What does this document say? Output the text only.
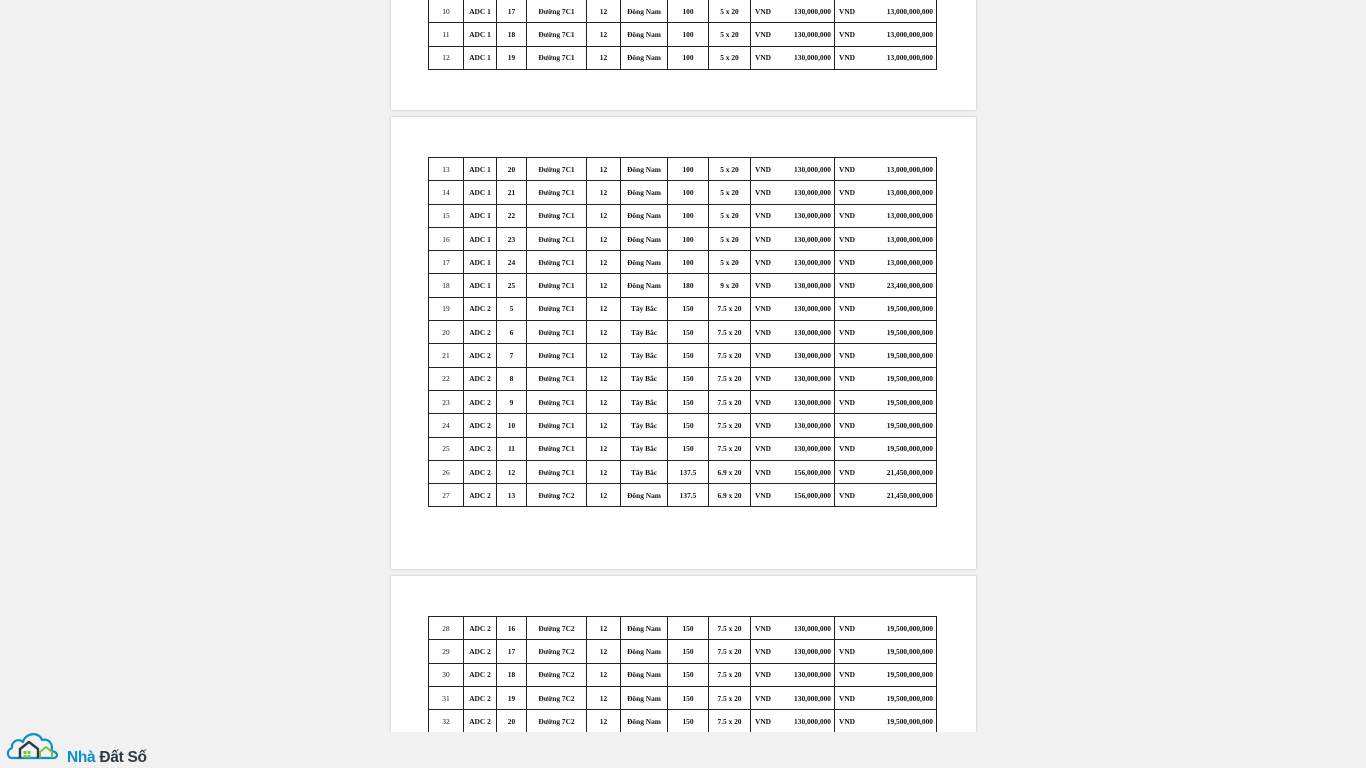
10	ADC 1	17	Đường 7C1	12	Đông Nam	100	5 x 20	VND 130,000,000	VND 13,000,000,000

11	ADC 1	18	Đường 7C1	12	Đông Nam	100	5 x 20	VND 130,000,000	VND 13,000,000,000

12	ADC 1	19	Đường 7C1	12	Đông Nam	100	5 x 20	VND 130,000,000	VND 13,000,000,000
13	ADC 1	20	Đường 7C1	12	Đông Nam	100	5 x 20	VND 130,000,000	VND 13,000,000,000

14	ADC 1	21	Đường 7C1	12	Đông Nam	100	5 x 20	VND 130,000,000	VND 13,000,000,000

15	ADC 1	22	Đường 7C1	12	Đông Nam	100	5 x 20	VND 130,000,000	VND 13,000,000,000

16	ADC 1	23	Đường 7C1	12	Đông Nam	100	5 x 20	VND 130,000,000	VND 13,000,000,000

17	ADC 1	24	Đường 7C1	12	Đông Nam	100	5 x 20	VND 130,000,000	VND 13,000,000,000

18	ADC 1	25	Đường 7C1	12	Đông Nam	180	9 x 20	VND 130,000,000	VND 23,400,000,000

19	ADC 2	5	Đường 7C1	12	Tây Bắc	150	7.5 x 20	VND 130,000,000	VND 19,500,000,000

20	ADC 2	6	Đường 7C1	12	Tây Bắc	150	7.5 x 20	VND 130,000,000	VND 19,500,000,000

21	ADC 2	7	Đường 7C1	12	Tây Bắc	150	7.5 x 20	VND 130,000,000	VND 19,500,000,000

22	ADC 2	8	Đường 7C1	12	Tây Bắc	150	7.5 x 20	VND 130,000,000	VND 19,500,000,000

23	ADC 2	9	Đường 7C1	12	Tây Bắc	150	7.5 x 20	VND 130,000,000	VND 19,500,000,000

24	ADC 2	10	Đường 7C1	12	Tây Bắc	150	7.5 x 20	VND 130,000,000	VND 19,500,000,000

25	ADC 2	11	Đường 7C1	12	Tây Bắc	150	7.5 x 20	VND 130,000,000	VND 19,500,000,000

26	ADC 2	12	Đường 7C1	12	Tây Bắc	137.5	6.9 x 20	VND 156,000,000	VND 21,450,000,000

27	ADC 2	13	Đường 7C2	12	Đông Nam	137.5	6.9 x 20	VND 156,000,000	VND 21,450,000,000
28	ADC 2	16	Đường 7C2	12	Đông Nam	150	7.5 x 20	VND 130,000,000	VND 19,500,000,000

29	ADC 2	17	Đường 7C2	12	Đông Nam	150	7.5 x 20	VND 130,000,000	VND 19,500,000,000

30	ADC 2	18	Đường 7C2	12	Đông Nam	150	7.5 x 20	VND 130,000,000	VND 19,500,000,000

31	ADC 2	19	Đường 7C2	12	Đông Nam	150	7.5 x 20	VND 130,000,000	VND 19,500,000,000

32	ADC 2	20	Đường 7C2	12	Đông Nam	150	7.5 x 20	VND 130,000,000	VND 19,500,000,000
Nhà Đất Số
